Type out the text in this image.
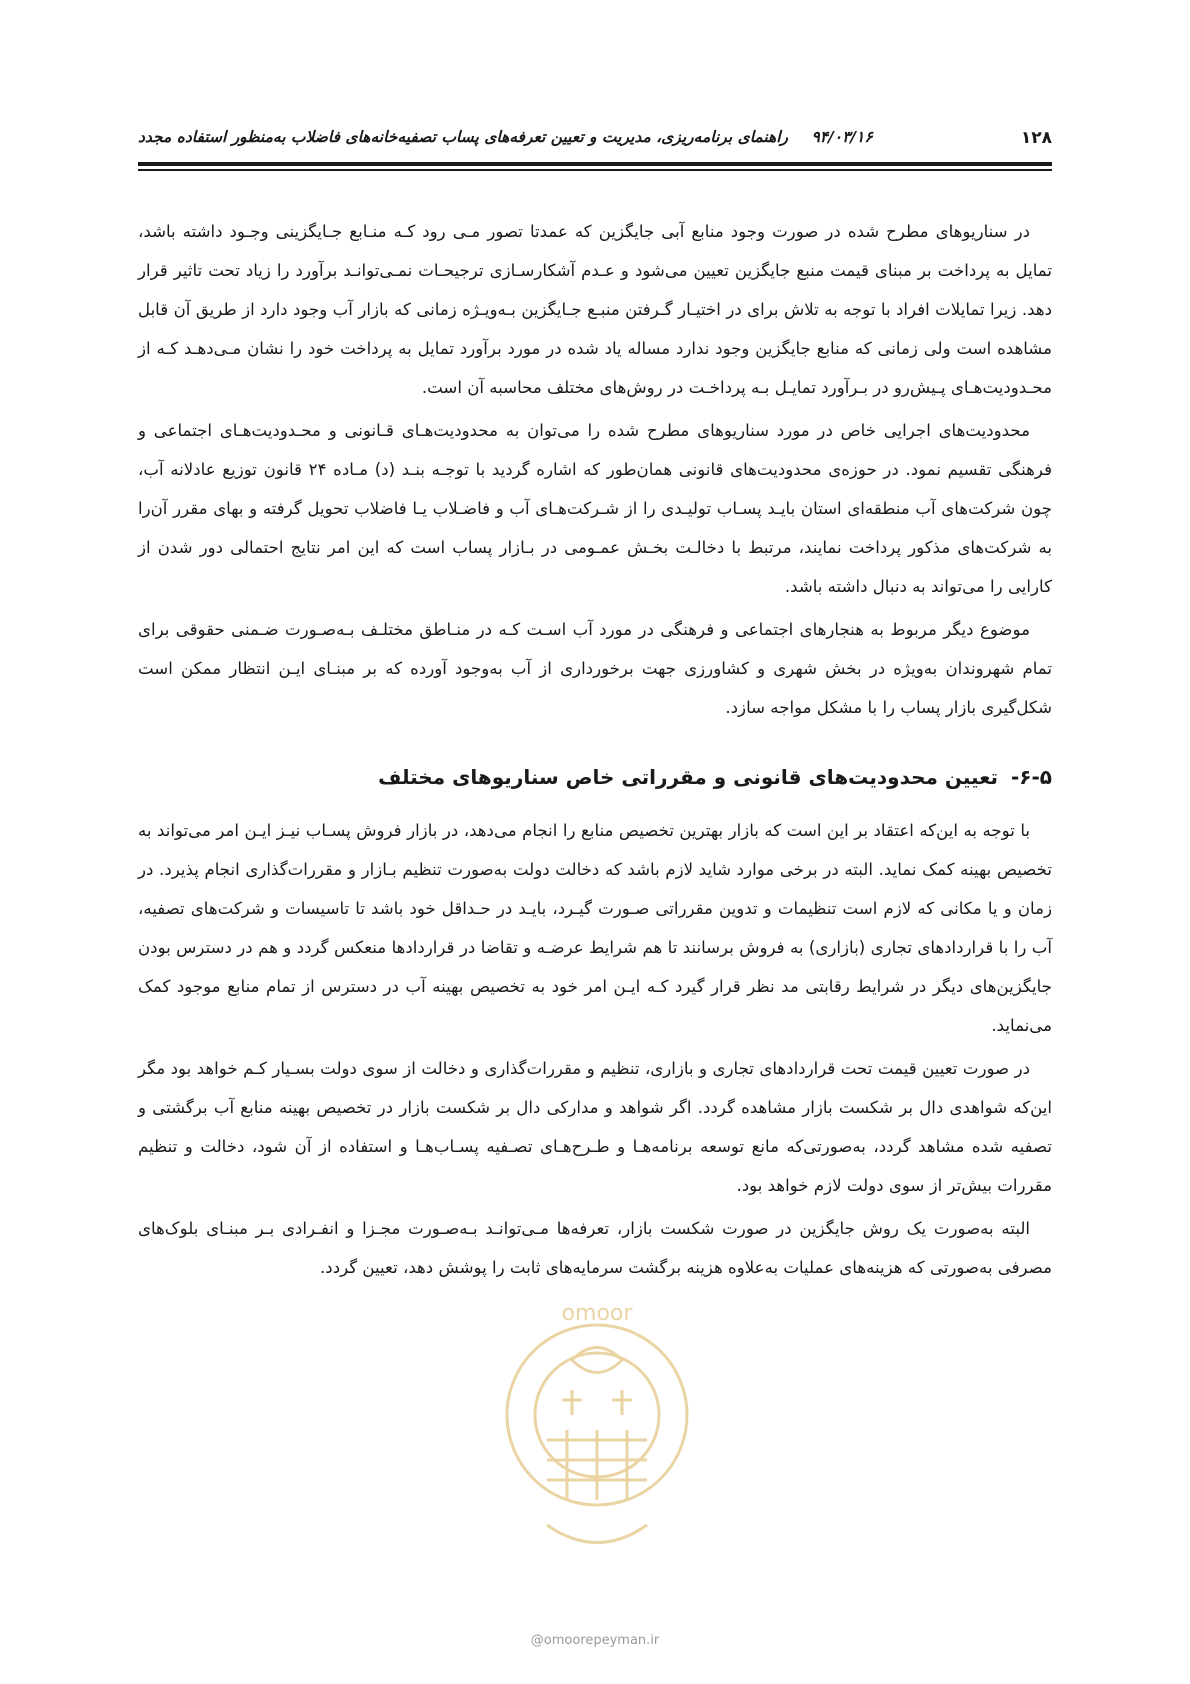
۱۲۸
۹۴/۰۳/۱۶ راهنمای برنامه‌ریزی، مدیریت و تعیین تعرفه‌های پساب تصفیه‌خانه‌های فاضلاب به‌منظور استفاده مجدد

در سناریوهای مطرح شده در صورت وجود منابع آبی جایگزین که عمدتا تصور مـی رود کـه منـابع جـایگزینی وجـود داشته باشد، تمایل به پرداخت بر مبنای قیمت منبع جایگزین تعیین می‌شود و عـدم آشکارسـازی ترجیحـات نمـی‌توانـد برآورد را زیاد تحت تاثیر قرار دهد. زیرا تمایلات افراد با توجه به تلاش برای در اختیـار گـرفتن منبـع جـایگزین بـه‌ویـژه زمانی که بازار آب وجود دارد از طریق آن قابل مشاهده است ولی زمانی که منابع جایگزین وجود ندارد مساله یاد شده در مورد برآورد تمایل به پرداخت خود را نشان مـی‌دهـد کـه از محـدودیت‌هـای پـیش‌رو در بـرآورد تمایـل بـه پرداخـت در روش‌های مختلف محاسبه آن است.

محدودیت‌های اجرایی خاص در مورد سناریوهای مطرح شده را می‌توان به محدودیت‌هـای قـانونی و محـدودیت‌هـای اجتماعی و فرهنگی تقسیم نمود. در حوزه‌ی محدودیت‌های قانونی همان‌طور که اشاره گردید با توجـه بنـد (د) مـاده ۲۴ قانون توزیع عادلانه آب، چون شرکت‌های آب منطقه‌ای استان بایـد پسـاب تولیـدی را از شـرکت‌هـای آب و فاضـلاب یـا فاضلاب تحویل گرفته و بهای مقرر آن‌را به شرکت‌های مذکور پرداخت نمایند، مرتبط با دخالـت بخـش عمـومی در بـازار پساب است که این امر نتایج احتمالی دور شدن از کارایی را می‌تواند به دنبال داشته باشد.

موضوع دیگر مربوط به هنجارهای اجتماعی و فرهنگی در مورد آب اسـت کـه در منـاطق مختلـف بـه‌صـورت ضـمنی حقوقی برای تمام شهروندان به‌ویژه در بخش شهری و کشاورزی جهت برخورداری از آب به‌وجود آورده که بر مبنـای ایـن انتظار ممکن است شکل‌گیری بازار پساب را با مشکل مواجه سازد.

۶-۵- تعیین محدودیت‌های قانونی و مقرراتی خاص سناریوهای مختلف

با توجه به این‌که اعتقاد بر این است که بازار بهترین تخصیص منابع را انجام می‌دهد، در بازار فروش پسـاب نیـز ایـن امر می‌تواند به تخصیص بهینه کمک نماید. البته در برخی موارد شاید لازم باشد که دخالت دولت به‌صورت تنظیم بـازار و مقررات‌گذاری انجام پذیرد. در زمان و یا مکانی که لازم است تنظیمات و تدوین مقرراتی صـورت گیـرد، بایـد در حـداقل خود باشد تا تاسیسات و شرکت‌های تصفیه، آب را با قراردادهای تجاری (بازاری) به فروش برسانند تا هم شرایط عرضـه و تقاضا در قراردادها منعکس گردد و هم در دسترس بودن جایگزین‌های دیگر در شرایط رقابتی مد نظر قرار گیرد کـه ایـن امر خود به تخصیص بهینه آب در دسترس از تمام منابع موجود کمک می‌نماید.

در صورت تعیین قیمت تحت قراردادهای تجاری و بازاری، تنظیم و مقررات‌گذاری و دخالت از سوی دولت بسـیار کـم خواهد بود مگر این‌که شواهدی دال بر شکست بازار مشاهده گردد. اگر شواهد و مدارکی دال بر شکست بازار در تخصیص بهینه منابع آب برگشتی و تصفیه شده مشاهد گردد، به‌صورتی‌که مانع توسعه برنامه‌هـا و طـرح‌هـای تصـفیه پسـاب‌هـا و استفاده از آن شود، دخالت و تنظیم مقررات بیش‌تر از سوی دولت لازم خواهد بود.

البته به‌صورت یک روش جایگزین در صورت شکست بازار، تعرفه‌ها مـی‌توانـد بـه‌صـورت مجـزا و انفـرادی بـر مبنـای بلوک‌های مصرفی به‌صورتی که هزینه‌های عملیات به‌علاوه هزینه برگشت سرمایه‌های ثابت را پوشش دهد، تعیین گردد.

omoor
@omoorepeyman.ir
